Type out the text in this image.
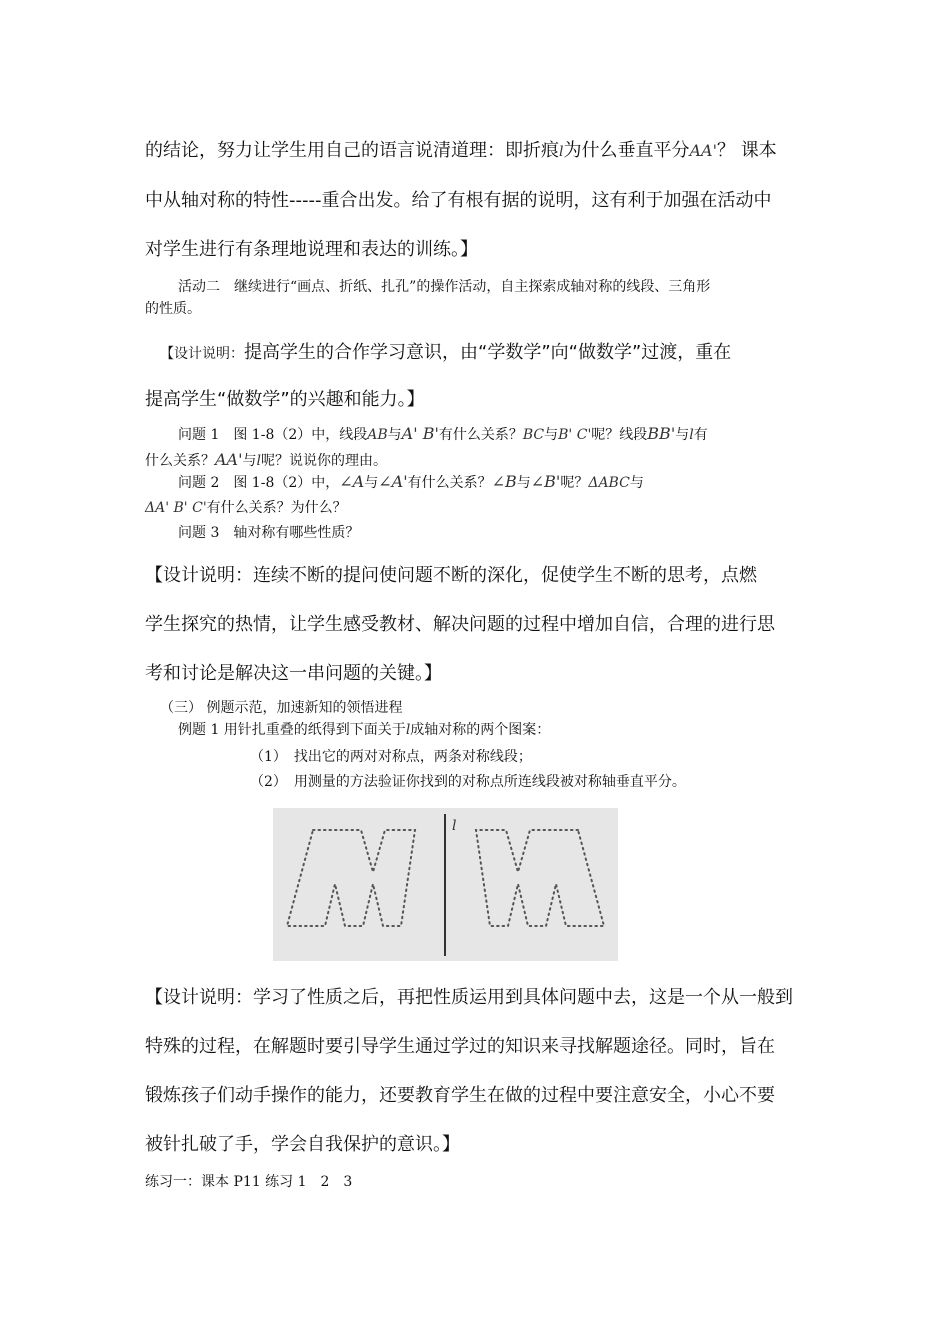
的结论，努力让学生用自己的语言说清道理：即折痕l为什么垂直平分AA'？ 课本
中从轴对称的特性-----重合出发。给了有根有据的说明，这有利于加强在活动中
对学生进行有条理地说理和表达的训练。】
活动二　继续进行“画点、折纸、扎孔”的操作活动，自主探索成轴对称的线段、三角形
的性质。
【设计说明：提高学生的合作学习意识，由“学数学”向“做数学”过渡，重在
提高学生“做数学”的兴趣和能力。】
问题 1　图 1-8（2）中，线段AB与A' B'有什么关系？BC与B' C'呢？线段BB'与l有
什么关系？AA'与l呢？说说你的理由。
问题 2　图 1-8（2）中，∠A与∠A'有什么关系？∠B与∠B'呢？ΔABC与
ΔA' B' C'有什么关系？为什么？
问题 3　轴对称有哪些性质？
【设计说明：连续不断的提问使问题不断的深化，促使学生不断的思考，点燃
学生探究的热情，让学生感受教材、解决问题的过程中增加自信，合理的进行思
考和讨论是解决这一串问题的关键。】
（三） 例题示范，加速新知的领悟进程
例题 1 用针扎重叠的纸得到下面关于l成轴对称的两个图案：
（1）　找出它的两对对称点，两条对称线段；
（2）　用测量的方法验证你找到的对称点所连线段被对称轴垂直平分。
l
【设计说明：学习了性质之后，再把性质运用到具体问题中去，这是一个从一般到
特殊的过程，在解题时要引导学生通过学过的知识来寻找解题途径。同时，旨在
锻炼孩子们动手操作的能力，还要教育学生在做的过程中要注意安全，小心不要
被针扎破了手，学会自我保护的意识。】
练习一：课本 P11 练习 1　2　3
